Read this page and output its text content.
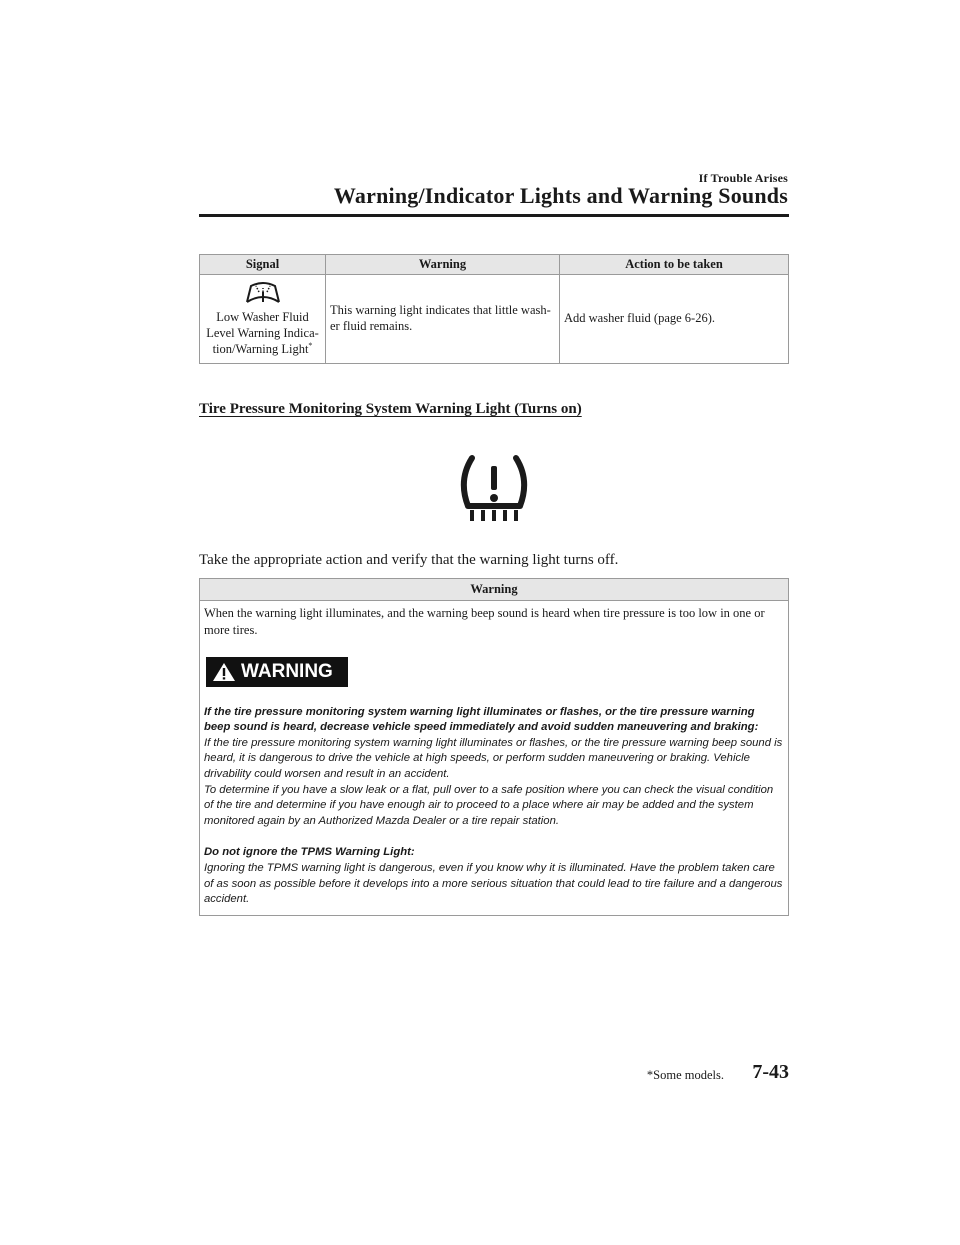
If Trouble Arises
Warning/Indicator Lights and Warning Sounds
Signal	Warning	Action to be taken

Low Washer Fluid Level Warning Indica-tion/Warning Light*	This warning light indicates that little wash-er fluid remains.	Add washer fluid (page 6-26).
Tire Pressure Monitoring System Warning Light (Turns on)
Take the appropriate action and verify that the warning light turns off.
Warning

When the warning light illuminates, and the warning beep sound is heard when tire pressure is too low in one or more tires.

WARNING

If the tire pressure monitoring system warning light illuminates or flashes, or the tire pressure warning beep sound is heard, decrease vehicle speed immediately and avoid sudden maneuvering and braking:

If the tire pressure monitoring system warning light illuminates or flashes, or the tire pressure warning beep sound is heard, it is dangerous to drive the vehicle at high speeds, or perform sudden maneuvering or braking. Vehicle drivability could worsen and result in an accident.

To determine if you have a slow leak or a flat, pull over to a safe position where you can check the visual condition of the tire and determine if you have enough air to proceed to a place where air may be added and the system monitored again by an Authorized Mazda Dealer or a tire repair station.

Do not ignore the TPMS Warning Light:

Ignoring the TPMS warning light is dangerous, even if you know why it is illuminated. Have the problem taken care of as soon as possible before it develops into a more serious situation that could lead to tire failure and a dangerous accident.

*Some models. 7-43
